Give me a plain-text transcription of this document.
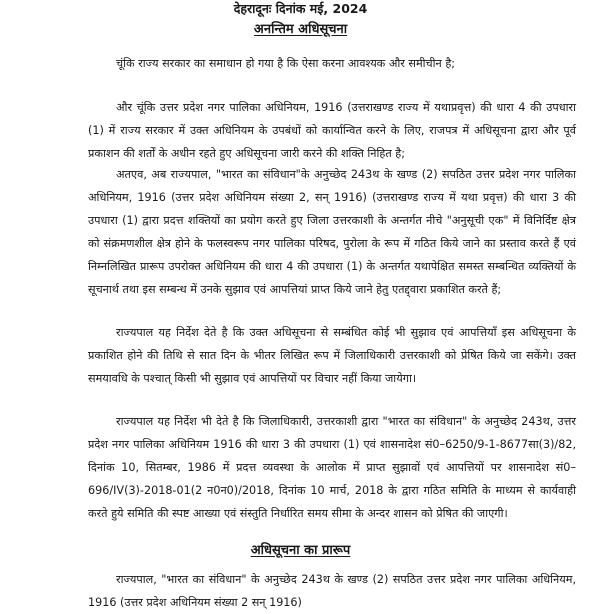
देहरादूनः दिनांक मई, 2024
अनन्तिम अधिसूचना
चूंकि राज्य सरकार का समाधान हो गया है कि ऐसा करना आवश्यक और समीचीन है;
और चूंकि उत्तर प्रदेश नगर पालिका अधिनियम, 1916 (उत्तराखण्ड राज्य में यथाप्रवृत्त) की धारा 4 की उपधारा (1) में राज्य सरकार में उक्त अधिनियम के उपबंधों को कार्यान्वित करने के लिए, राजपत्र में अधिसूचना द्वारा और पूर्व प्रकाशन की शर्तों के अधीन रहते हुए अधिसूचना जारी करने की शक्ति निहित है;
अतएव, अब राज्यपाल, "भारत का संविधान"के अनुच्छेद 243थ के खण्ड (2) सपठित उत्तर प्रदेश नगर पालिका अधिनियम, 1916 (उत्तर प्रदेश अधिनियम संख्या 2, सन् 1916) (उत्तराखण्ड राज्य में यथा प्रवृत्त) की धारा 3 की उपधारा (1) द्वारा प्रदत्त शक्तियों का प्रयोग करते हुए जिला उत्तरकाशी के अन्तर्गत नीचे "अनुसूची एक" में विनिर्दिष्ट क्षेत्र को संक्रमणशील क्षेत्र होने के फलस्वरूप नगर पालिका परिषद, पुरोला के रूप में गठित किये जाने का प्रस्ताव करते हैं एवं निम्नलिखित प्रारूप उपरोक्त अधिनियम की धारा 4 की उपधारा (1) के अन्तर्गत यथापेक्षित समस्त सम्बन्धित व्यक्तियों के सूचनार्थ तथा इस सम्बन्ध में उनके सुझाव एवं आपत्तियां प्राप्त किये जाने हेतु एतद्द्वारा प्रकाशित करते हैं;
राज्यपाल यह निर्देश देते है कि उक्त अधिसूचना से सम्बंधित कोई भी सुझाव एवं आपत्तियाँ इस अधिसूचना के प्रकाशित होने की तिथि से सात दिन के भीतर लिखित रूप में जिलाधिकारी उत्तरकाशी को प्रेषित किये जा सकेंगे। उक्त समयावधि के पश्चात् किसी भी सुझाव एवं आपत्तियों पर विचार नहीं किया जायेगा।
राज्यपाल यह निर्देश भी देते है कि जिलाधिकारी, उत्तरकाशी द्वारा "भारत का संविधान" के अनुच्छेद 243थ, उत्तर प्रदेश नगर पालिका अधिनियम 1916 की धारा 3 की उपधारा (1) एवं शासनादेश सं0–6250/9-1-8677सा(3)/82, दिनांक 10, सितम्बर, 1986 में प्रदत्त व्यवस्था के आलोक में प्राप्त सुझावों एवं आपत्तियों पर शासनादेश सं0–696/IV(3)-2018-01(2 न0न0)/2018, दिनांक 10 मार्च, 2018 के द्वारा गठित समिति के माध्यम से कार्यवाही करते हुये समिति की स्पष्ट आख्या एवं संस्तुति निर्धारित समय सीमा के अन्दर शासन को प्रेषित की जाएगी।
अधिसूचना का प्रारूप
राज्यपाल, "भारत का संविधान" के अनुच्छेद 243थ के खण्ड (2) सपठित उत्तर प्रदेश नगर पालिका अधिनियम, 1916 (उत्तर प्रदेश अधिनियम संख्या 2 सन् 1916)
